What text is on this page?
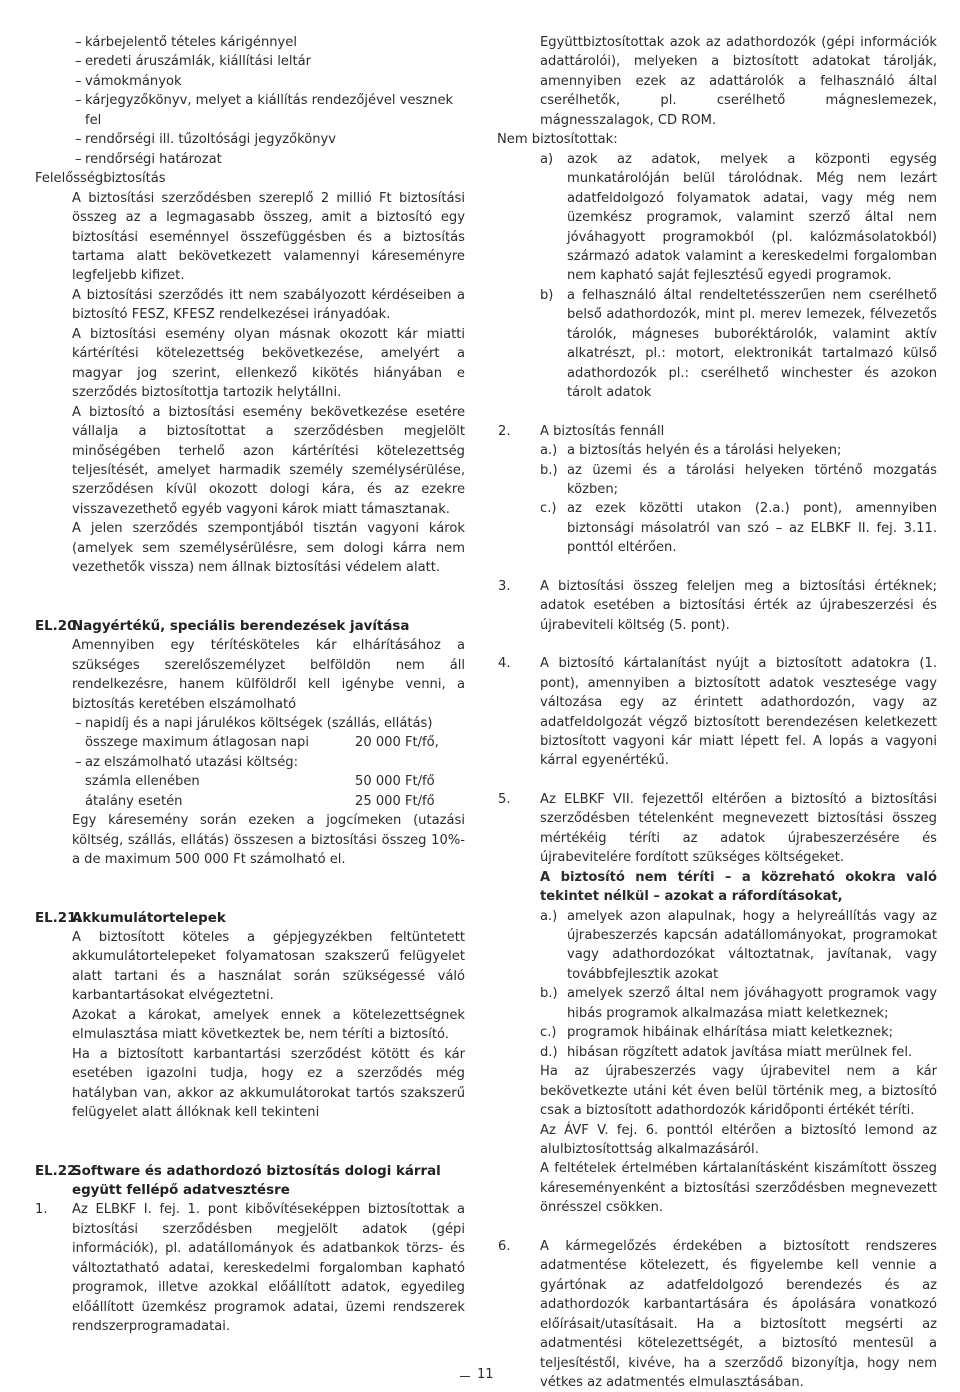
– kárbejelentő tételes kárigénnyel
– eredeti áruszámlák, kiállítási leltár
– vámokmányok
– kárjegyzőkönyv, melyet a kiállítás rendezőjével vesznek fel
– rendőrségi ill. tűzoltósági jegyzőkönyv
– rendőrségi határozat

Felelősségbiztosítás

A biztosítási szerződésben szereplő 2 millió Ft biztosítási összeg az a legmagasabb összeg, amit a biztosító egy biztosítási eseménnyel összefüggésben és a biztosítás tartama alatt bekövetkezett valamennyi káreseményre legfeljebb kifizet.

A biztosítási szerződés itt nem szabályozott kérdéseiben a biztosító FESZ, KFESZ rendelkezései irányadóak.

A biztosítási esemény olyan másnak okozott kár miatti kártérítési kötelezettség bekövetkezése, amelyért a magyar jog szerint, ellenkező kikötés hiányában e szerződés biztosítottja tartozik helytállni.

A biztosító a biztosítási esemény bekövetkezése esetére vállalja a biztosítottat a szerződésben megjelölt minőségében terhelő azon kártérítési kötelezettség teljesítését, amelyet harmadik személy személysérülése, szerződésen kívül okozott dologi kára, és az ezekre visszavezethető egyéb vagyoni károk miatt támasztanak.

A jelen szerződés szempontjából tisztán vagyoni károk (amelyek sem személysérülésre, sem dologi kárra nem vezethetők vissza) nem állnak biztosítási védelem alatt.

EL.20.
Nagyértékű, speciális berendezések javítása

Amennyiben egy térítésköteles kár elhárításához a szükséges szerelőszemélyzet belföldön nem áll rendelkezésre, hanem külföldről kell igénybe venni, a biztosítás keretében elszámolható

– napidíj és a napi járulékos költségek (szállás, ellátás)
összege maximum átlagosan napi	20 000 Ft/fő,
– az elszámolható utazási költség:
számla ellenében	50 000 Ft/fő
átalány esetén	25 000 Ft/fő

Egy káresemény során ezeken a jogcímeken (utazási költség, szállás, ellátás) összesen a biztosítási összeg 10%-a de maximum 500 000 Ft számolható el.

EL.21.
Akkumulátortelepek

A biztosított köteles a gépjegyzékben feltüntetett akkumulátortelepeket folyamatosan szakszerű felügyelet alatt tartani és a használat során szükségessé váló karbantartásokat elvégeztetni.

Azokat a károkat, amelyek ennek a kötelezettségnek elmulasztása miatt következtek be, nem téríti a biztosító.

Ha a biztosított karbantartási szerződést kötött és kár esetében igazolni tudja, hogy ez a szerződés még hatályban van, akkor az akkumulátorokat tartós szakszerű felügyelet alatt állóknak kell tekinteni

EL.22.
Software és adathordozó biztosítás dologi kárral együtt fellépő adatvesztésre
1. Az ELBKF I. fej. 1. pont kibővítéseképpen biztosítottak a biztosítási szerződésben megjelölt adatok (gépi információk), pl. adatállományok és adatbankok törzs- és változtatható adatai, kereskedelmi forgalomban kapható programok, illetve azokkal előállított adatok, egyedileg előállított üzemkész programok adatai, üzemi rendszerek rendszerprogramadatai.

Együttbiztosítottak azok az adathordozók (gépi információk adattárolói), melyeken a biztosított adatokat tárolják, amennyiben ezek az adattárolók a felhasználó által cserélhetők, pl. cserélhető mágneslemezek, mágnesszalagok, CD ROM.

Nem biztosítottak:

a) azok az adatok, melyek a központi egység munkatárolóján belül tárolódnak. Még nem lezárt adatfeldolgozó folyamatok adatai, vagy még nem üzemkész programok, valamint szerző által nem jóváhagyott programokból (pl. kalózmásolatokból) származó adatok valamint a kereskedelmi forgalomban nem kapható saját fejlesztésű egyedi programok.
b) a felhasználó által rendeltetésszerűen nem cserélhető belső adathordozók, mint pl. merev lemezek, félvezetős tárolók, mágneses buboréktárolók, valamint aktív alkatrészt, pl.: motort, elektronikát tartalmazó külső adathordozók pl.: cserélhető winchester és azokon tárolt adatok
2. A biztosítás fennáll
a.) a biztosítás helyén és a tárolási helyeken;
b.) az üzemi és a tárolási helyeken történő mozgatás közben;
c.) az ezek közötti utakon (2.a.) pont), amennyiben biztonsági másolatról van szó – az ELBKF II. fej. 3.11. ponttól eltérően.
3. A biztosítási összeg feleljen meg a biztosítási értéknek; adatok esetében a biztosítási érték az újrabeszerzési és újrabeviteli költség (5. pont).
4. A biztosító kártalanítást nyújt a biztosított adatokra (1. pont), amennyiben a biztosított adatok vesztesége vagy változása egy az érintett adathordozón, vagy az adatfeldolgozát végző biztosított berendezésen keletkezett biztosított vagyoni kár miatt lépett fel. A lopás a vagyoni kárral egyenértékű.
5. Az ELBKF VII. fejezettől eltérően a biztosító a biztosítási szerződésben tételenként megnevezett biztosítási összeg mértékéig téríti az adatok újrabeszerzésére és újrabevitelére fordított szükséges költségeket.

A biztosító nem téríti – a közreható okokra való tekintet nélkül – azokat a ráfordításokat,

a.) amelyek azon alapulnak, hogy a helyreállítás vagy az újrabeszerzés kapcsán adatállományokat, programokat vagy adathordozókat változtatnak, javítanak, vagy továbbfejlesztik azokat
b.) amelyek szerző által nem jóváhagyott programok vagy hibás programok alkalmazása miatt keletkeznek;
c.) programok hibáinak elhárítása miatt keletkeznek;
d.) hibásan rögzített adatok javítása miatt merülnek fel.

Ha az újrabeszerzés vagy újrabevitel nem a kár bekövetkezte utáni két éven belül történik meg, a biztosító csak a biztosított adathordozók káridőponti értékét téríti.

Az ÁVF V. fej. 6. ponttól eltérően a biztosító lemond az alulbiztosítottság alkalmazásáról.

A feltételek értelmében kártalanításként kiszámított összeg káreseményenként a biztosítási szerződésben megnevezett önrésszel csökken.

6. A kármegelőzés érdekében a biztosított rendszeres adatmentése kötelezett, és figyelembe kell vennie a gyártónak az adatfeldolgozó berendezés és az adathordozók karbantartására és ápolására vonatkozó előírásait/utasításait. Ha a biztosított megsérti az adatmentési kötelezettségét, a biztosító mentesül a teljesítéstől, kivéve, ha a szerződő bizonyítja, hogy nem vétkes az adatmentés elmulasztásában.
11
